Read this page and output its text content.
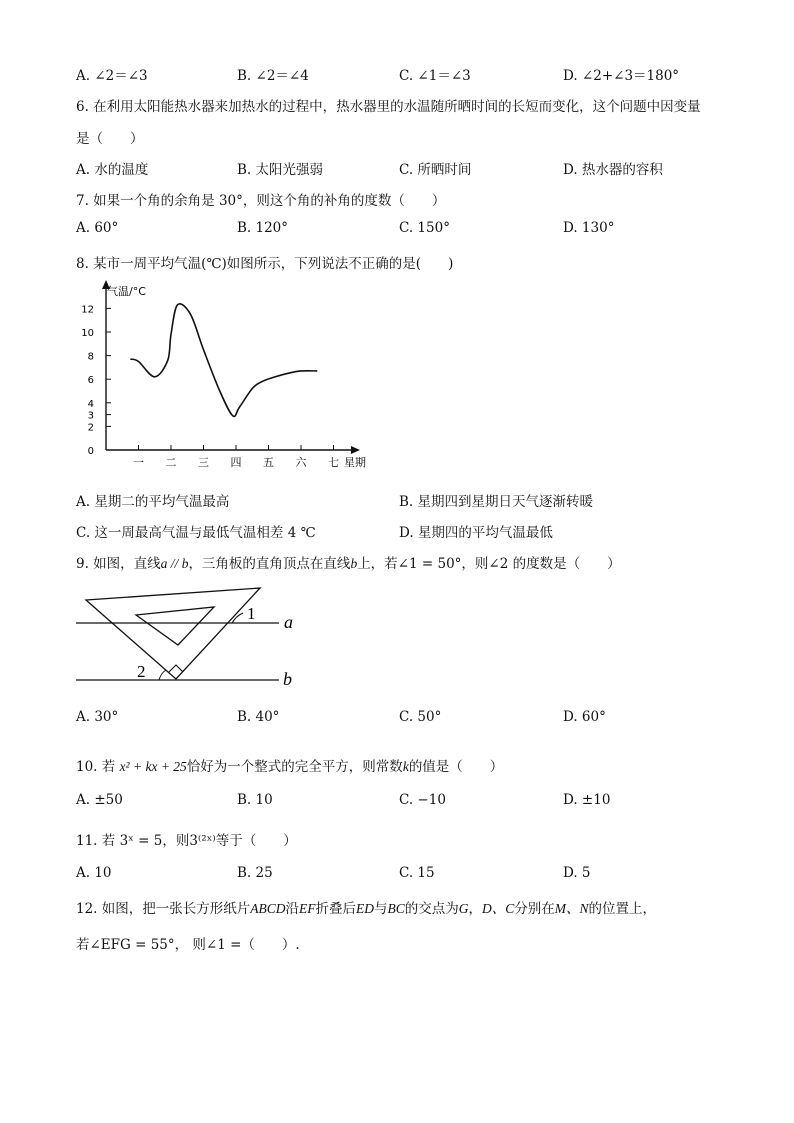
A. ∠2＝∠3	B. ∠2＝∠4	C. ∠1＝∠3	D. ∠2+∠3＝180°
6. 在利用太阳能热水器来加热水的过程中，热水器里的水温随所晒时间的长短而变化，这个问题中因变量
是（　　）
A. 水的温度	B. 太阳光强弱	C. 所晒时间	D. 热水器的容积
7. 如果一个角的余角是 30°，则这个角的补角的度数（　　）
A. 60°	B. 120°	C. 150°	D. 130°
8. 某市一周平均气温(℃)如图所示，下列说法不正确的是(　　)
0
2
3
4
6
8
10
12
一 二 三 四 五 六 七
气温/°C
星期
A. 星期二的平均气温最高	B. 星期四到星期日天气逐渐转暖
C. 这一周最高气温与最低气温相差 4 ℃	D. 星期四的平均气温最低
9. 如图，直线a // b，三角板的直角顶点在直线b上，若∠1 = 50°，则∠2 的度数是（　　）
1
2
a
b
A. 30°	B. 40°	C. 50°	D. 60°
10. 若 x² + kx + 25恰好为一个整式的完全平方，则常数k的值是（　　）
A. ±50	B. 10	C. −10	D. ±10
11. 若 3ˣ = 5，则3⁽²ˣ⁾等于（　　）
A. 10	B. 25	C. 15	D. 5
12. 如图，把一张长方形纸片ABCD沿EF折叠后ED与BC的交点为G，D、C分别在M、N的位置上，
若∠EFG = 55°， 则∠1 =（　　）.
